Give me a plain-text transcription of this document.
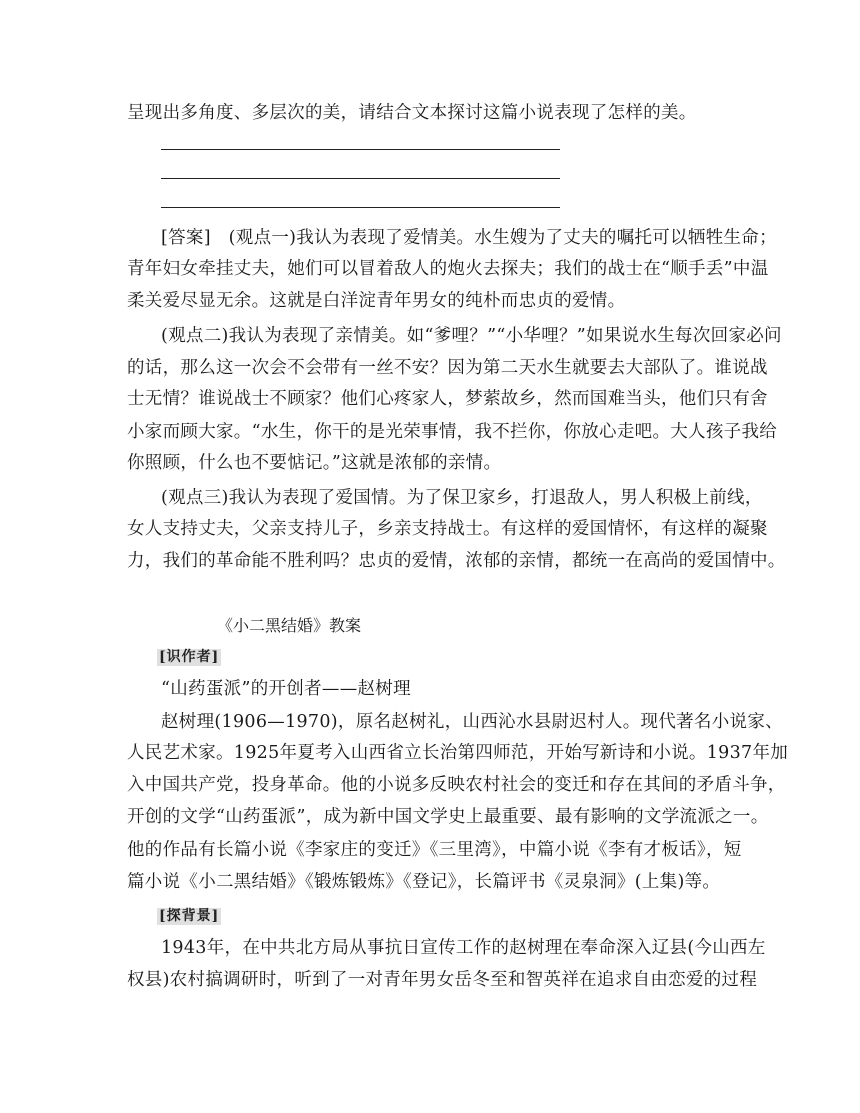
呈现出多角度、多层次的美，请结合文本探讨这篇小说表现了怎样的美。
[答案]　(观点一)我认为表现了爱情美。水生嫂为了丈夫的嘱托可以牺牲生命；
青年妇女牵挂丈夫，她们可以冒着敌人的炮火去探夫；我们的战士在“顺手丢”中温
柔关爱尽显无余。这就是白洋淀青年男女的纯朴而忠贞的爱情。
(观点二)我认为表现了亲情美。如“爹哩？”“小华哩？”如果说水生每次回家必问
的话，那么这一次会不会带有一丝不安？因为第二天水生就要去大部队了。谁说战
士无情？谁说战士不顾家？他们心疼家人，梦萦故乡，然而国难当头，他们只有舍
小家而顾大家。“水生，你干的是光荣事情，我不拦你，你放心走吧。大人孩子我给
你照顾，什么也不要惦记。”这就是浓郁的亲情。
(观点三)我认为表现了爱国情。为了保卫家乡，打退敌人，男人积极上前线，
女人支持丈夫，父亲支持儿子，乡亲支持战士。有这样的爱国情怀，有这样的凝聚
力，我们的革命能不胜利吗？忠贞的爱情，浓郁的亲情，都统一在高尚的爱国情中。
《小二黑结婚》教案
[识作者]
“山药蛋派”的开创者——赵树理
赵树理(1906—1970)，原名赵树礼，山西沁水县尉迟村人。现代著名小说家、
人民艺术家。1925年夏考入山西省立长治第四师范，开始写新诗和小说。1937年加
入中国共产党，投身革命。他的小说多反映农村社会的变迁和存在其间的矛盾斗争，
开创的文学“山药蛋派”，成为新中国文学史上最重要、最有影响的文学流派之一。
他的作品有长篇小说《李家庄的变迁》《三里湾》，中篇小说《李有才板话》，短
篇小说《小二黑结婚》《锻炼锻炼》《登记》，长篇评书《灵泉洞》(上集)等。
[探背景]
1943年，在中共北方局从事抗日宣传工作的赵树理在奉命深入辽县(今山西左
权县)农村搞调研时，听到了一对青年男女岳冬至和智英祥在追求自由恋爱的过程
